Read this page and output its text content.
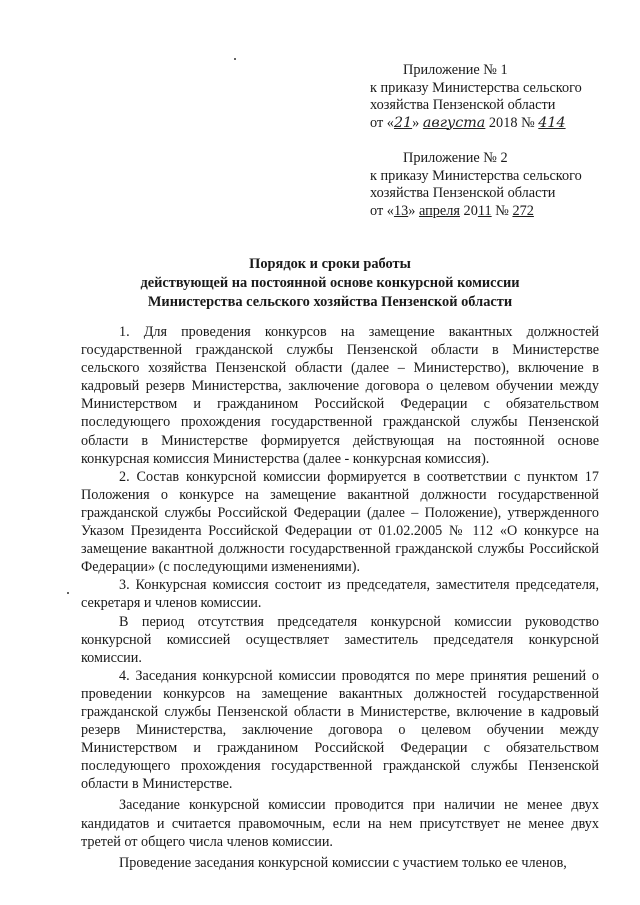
Приложение № 1
к приказу Министерства сельского
хозяйства Пензенской области
от «21» августа 2018 № 414
Приложение № 2
к приказу Министерства сельского
хозяйства Пензенской области
от «13» апреля 2011 № 272
Порядок и сроки работы
действующей на постоянной основе конкурсной комиссии
Министерства сельского хозяйства Пензенской области

1. Для проведения конкурсов на замещение вакантных должностей государственной гражданской службы Пензенской области в Министерстве сельского хозяйства Пензенской области (далее – Министерство), включение в кадровый резерв Министерства, заключение договора о целевом обучении между Министерством и гражданином Российской Федерации с обязательством последующего прохождения государственной гражданской службы Пензенской области в Министерстве формируется действующая на постоянной основе конкурсная комиссия Министерства (далее - конкурсная комиссия).

2. Состав конкурсной комиссии формируется в соответствии с пунктом 17 Положения о конкурсе на замещение вакантной должности государственной гражданской службы Российской Федерации (далее – Положение), утвержденного Указом Президента Российской Федерации от 01.02.2005 № 112 «О конкурсе на замещение вакантной должности государственной гражданской службы Российской Федерации» (с последующими изменениями).

3. Конкурсная комиссия состоит из председателя, заместителя председателя, секретаря и членов комиссии.

В период отсутствия председателя конкурсной комиссии руководство конкурсной комиссией осуществляет заместитель председателя конкурсной комиссии.

4. Заседания конкурсной комиссии проводятся по мере принятия решений о проведении конкурсов на замещение вакантных должностей государственной гражданской службы Пензенской области в Министерстве, включение в кадровый резерв Министерства, заключение договора о целевом обучении между Министерством и гражданином Российской Федерации с обязательством последующего прохождения государственной гражданской службы Пензенской области в Министерстве.

Заседание конкурсной комиссии проводится при наличии не менее двух кандидатов и считается правомочным, если на нем присутствует не менее двух третей от общего числа членов комиссии.

Проведение заседания конкурсной комиссии с участием только ее членов,
